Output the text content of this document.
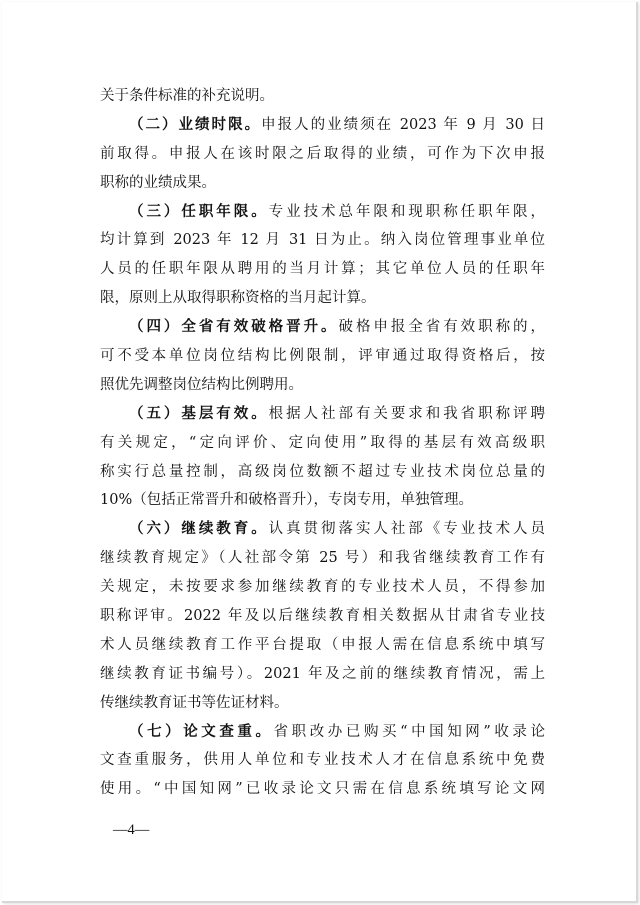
关于条件标准的补充说明。
（二）业绩时限。申报人的业绩须在 2023 年 9 月 30 日
前取得。申报人在该时限之后取得的业绩，可作为下次申报
职称的业绩成果。
（三）任职年限。专业技术总年限和现职称任职年限，
均计算到 2023 年 12 月 31 日为止。纳入岗位管理事业单位
人员的任职年限从聘用的当月计算；其它单位人员的任职年
限，原则上从取得职称资格的当月起计算。
（四）全省有效破格晋升。破格申报全省有效职称的，
可不受本单位岗位结构比例限制，评审通过取得资格后，按
照优先调整岗位结构比例聘用。
（五）基层有效。根据人社部有关要求和我省职称评聘
有关规定，“定向评价、定向使用”取得的基层有效高级职
称实行总量控制，高级岗位数额不超过专业技术岗位总量的
10%（包括正常晋升和破格晋升），专岗专用，单独管理。
（六）继续教育。认真贯彻落实人社部《专业技术人员
继续教育规定》（人社部令第 25 号）和我省继续教育工作有
关规定，未按要求参加继续教育的专业技术人员，不得参加
职称评审。2022 年及以后继续教育相关数据从甘肃省专业技
术人员继续教育工作平台提取（申报人需在信息系统中填写
继续教育证书编号）。2021 年及之前的继续教育情况，需上
传继续教育证书等佐证材料。
（七）论文查重。省职改办已购买“中国知网”收录论
文查重服务，供用人单位和专业技术人才在信息系统中免费
使用。“中国知网”已收录论文只需在信息系统填写论文网
—4—
